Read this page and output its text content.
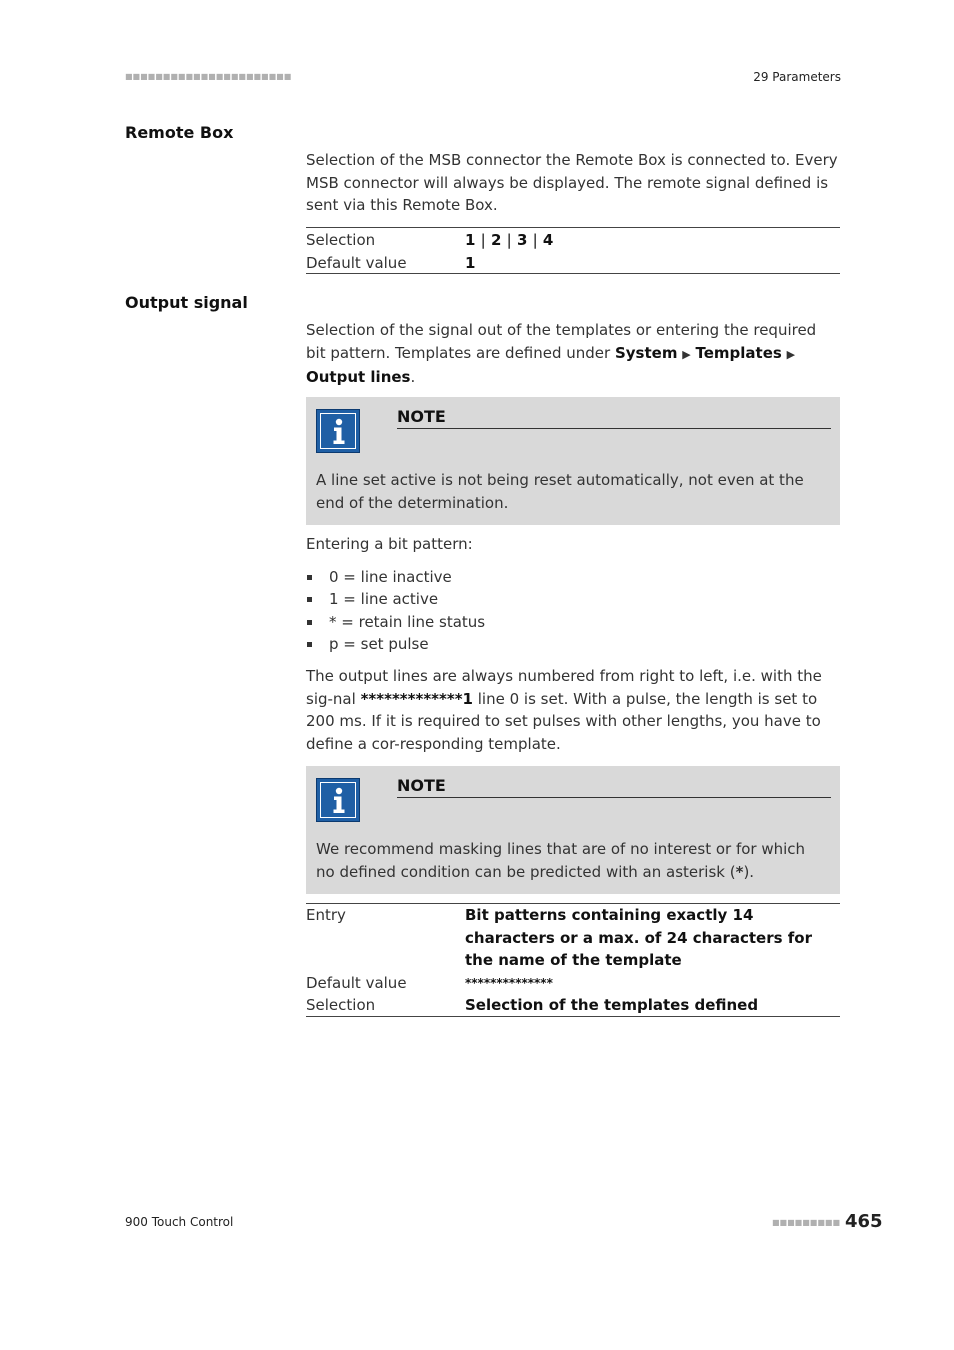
■■■■■■■■■■■■■■■■■■■■■■	29 Parameters
Remote Box
Selection of the MSB connector the Remote Box is connected to. Every MSB connector will always be displayed. The remote signal defined is sent via this Remote Box.
Selection	1 | 2 | 3 | 4
Default value	1
Output signal
Selection of the signal out of the templates or entering the required bit pattern. Templates are defined under System ▶ Templates ▶ Output lines.
NOTE
A line set active is not being reset automatically, not even at the end of the determination.
Entering a bit pattern:
0 = line inactive
1 = line active
* = retain line status
p = set pulse
The output lines are always numbered from right to left, i.e. with the sig-nal *************1 line 0 is set. With a pulse, the length is set to 200 ms. If it is required to set pulses with other lengths, you have to define a cor-responding template.
NOTE
We recommend masking lines that are of no interest or for which no defined condition can be predicted with an asterisk (*).
Entry	Bit patterns containing exactly 14 characters or a max. of 24 characters for the name of the template
Default value	**************
Selection	Selection of the templates defined
900 Touch Control	■■■■■■■■■ 465
